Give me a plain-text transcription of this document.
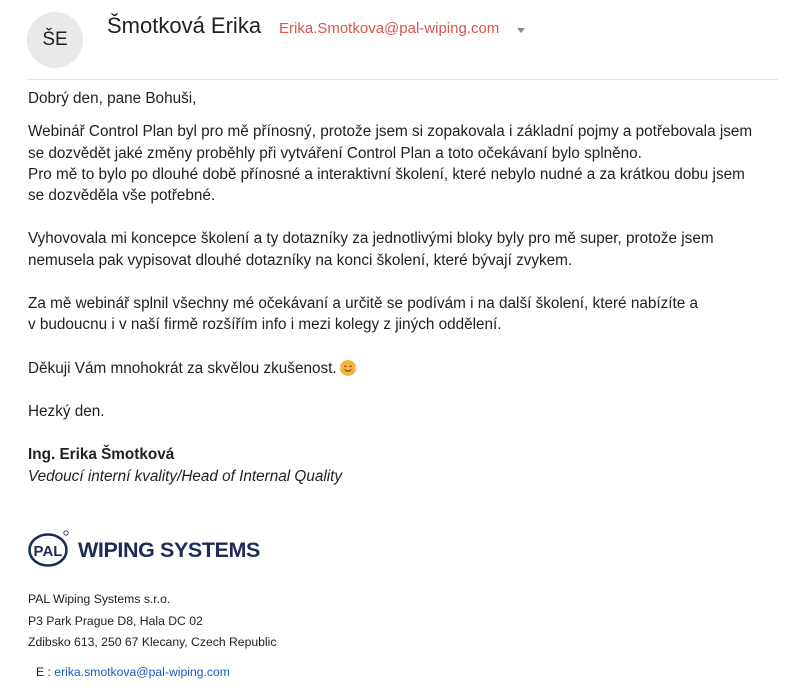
ŠE
Šmotková Erika Erika.Smotkova@pal-wiping.com

Dobrý den, pane Bohuši,

Webinář Control Plan byl pro mě přínosný, protože jsem si zopakovala i základní pojmy a potřebovala jsem

se dozvědět jaké změny proběhly při vytváření Control Plan a toto očekávaní bylo splněno.

Pro mě to bylo po dlouhé době přínosné a interaktivní školení, které nebylo nudné a za krátkou dobu jsem

se dozvěděla vše potřebné.

Vyhovovala mi koncepce školení a ty dotazníky za jednotlivými bloky byly pro mě super, protože jsem

nemusela pak vypisovat dlouhé dotazníky na konci školení, které bývají zvykem.

Za mě webinář splnil všechny mé očekávaní a určitě se podívám i na další školení, které nabízíte a

v budoucnu i v naší firmě rozšířím info i mezi kolegy z jiných oddělení.

Děkuji Vám mnohokrát za skvělou zkušenost.

Hezký den.

Ing. Erika Šmotková

Vedoucí interní kvality/Head of Internal Quality

PAL WIPING SYSTEMS
PAL Wiping Systems s.r.o.
P3 Park Prague D8, Hala DC 02
Zdibsko 613, 250 67 Klecany, Czech Republic
E : erika.smotkova@pal-wiping.com
